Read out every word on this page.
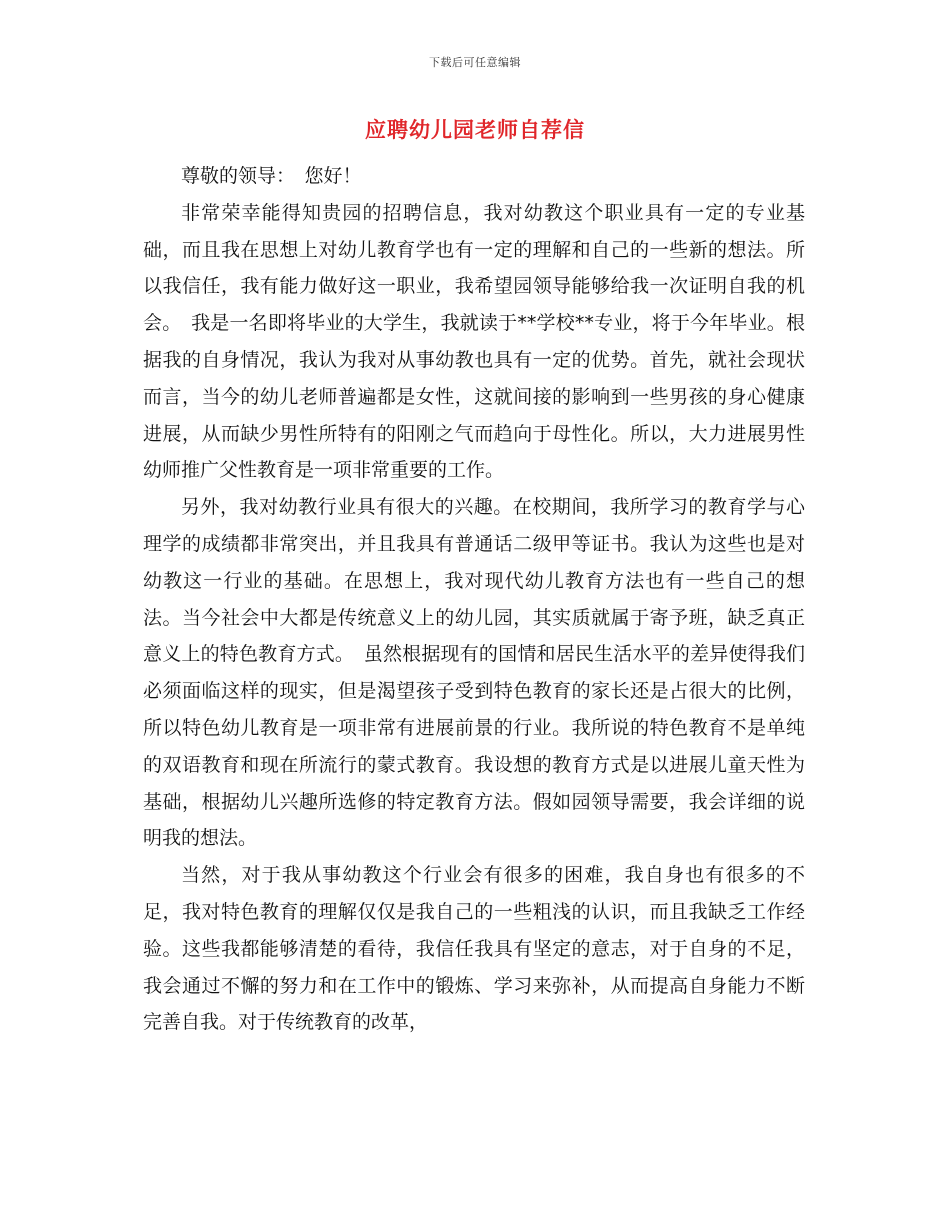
下载后可任意编辑
应聘幼儿园老师自荐信

尊敬的领导：　您好！

非常荣幸能得知贵园的招聘信息，我对幼教这个职业具有一定的专业基础，而且我在思想上对幼儿教育学也有一定的理解和自己的一些新的想法。所以我信任，我有能力做好这一职业，我希望园领导能够给我一次证明自我的机会。　我是一名即将毕业的大学生，我就读于**学校**专业，将于今年毕业。根据我的自身情况，我认为我对从事幼教也具有一定的优势。首先，就社会现状而言，当今的幼儿老师普遍都是女性，这就间接的影响到一些男孩的身心健康进展，从而缺少男性所特有的阳刚之气而趋向于母性化。所以，大力进展男性幼师推广父性教育是一项非常重要的工作。

另外，我对幼教行业具有很大的兴趣。在校期间，我所学习的教育学与心理学的成绩都非常突出，并且我具有普通话二级甲等证书。我认为这些也是对幼教这一行业的基础。在思想上，我对现代幼儿教育方法也有一些自己的想法。当今社会中大都是传统意义上的幼儿园，其实质就属于寄予班，缺乏真正意义上的特色教育方式。　虽然根据现有的国情和居民生活水平的差异使得我们必须面临这样的现实，但是渴望孩子受到特色教育的家长还是占很大的比例，所以特色幼儿教育是一项非常有进展前景的行业。我所说的特色教育不是单纯的双语教育和现在所流行的蒙式教育。我设想的教育方式是以进展儿童天性为基础，根据幼儿兴趣所选修的特定教育方法。假如园领导需要，我会详细的说明我的想法。

当然，对于我从事幼教这个行业会有很多的困难，我自身也有很多的不足，我对特色教育的理解仅仅是我自己的一些粗浅的认识，而且我缺乏工作经验。这些我都能够清楚的看待，我信任我具有坚定的意志，对于自身的不足，我会通过不懈的努力和在工作中的锻炼、学习来弥补，从而提高自身能力不断完善自我。对于传统教育的改革，
